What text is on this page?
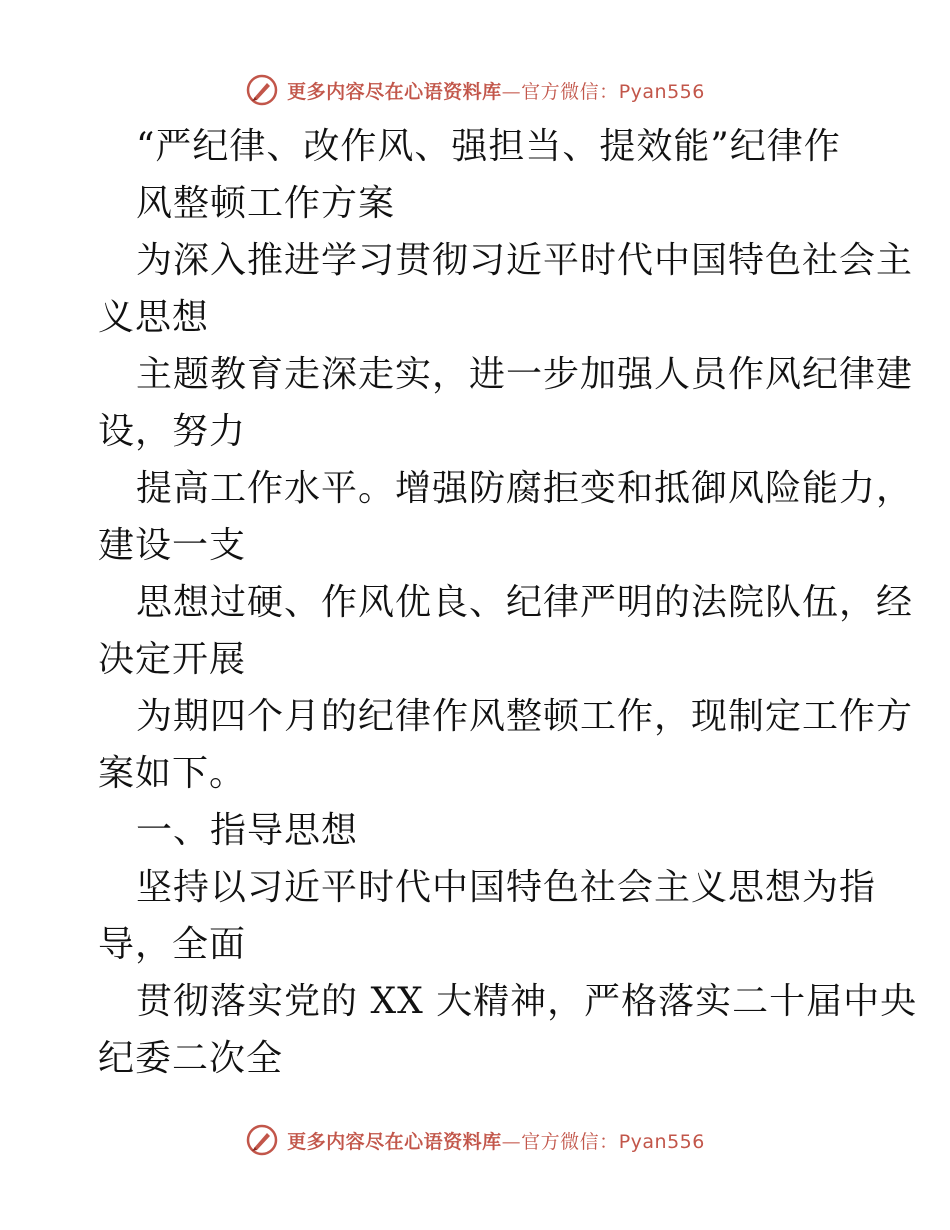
更多内容尽在心语资料库—官方微信：Pyan556
“严纪律、改作风、强担当、提效能”纪律作
风整顿工作方案
为深入推进学习贯彻习近平时代中国特色社会主
义思想
主题教育走深走实，进一步加强人员作风纪律建
设，努力
提高工作水平。增强防腐拒变和抵御风险能力，
建设一支
思想过硬、作风优良、纪律严明的法院队伍，经
决定开展
为期四个月的纪律作风整顿工作，现制定工作方
案如下。
一、指导思想
坚持以习近平时代中国特色社会主义思想为指
导，全面
贯彻落实党的 XX 大精神，严格落实二十届中央
纪委二次全
更多内容尽在心语资料库—官方微信：Pyan556
